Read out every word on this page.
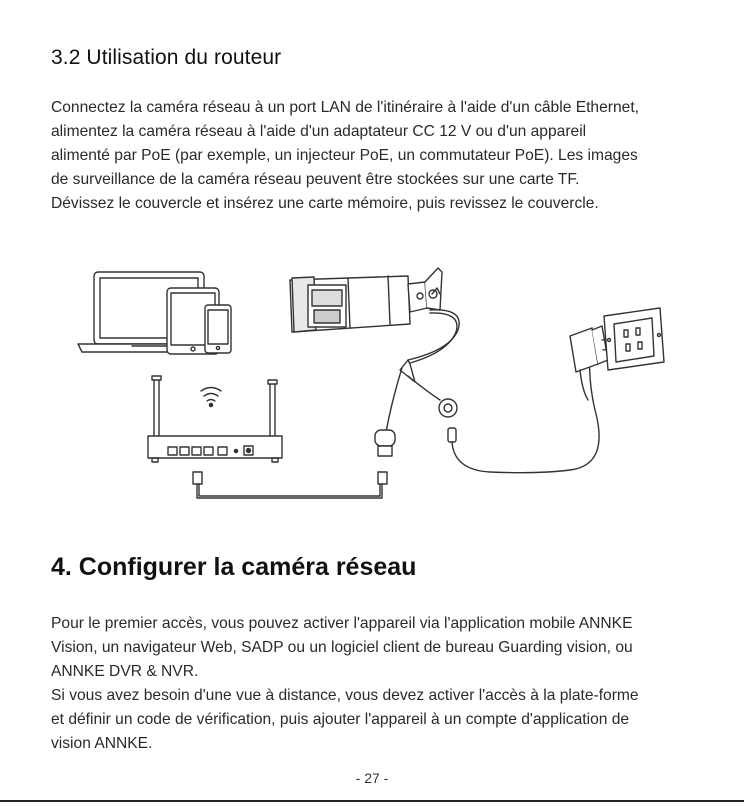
3.2 Utilisation du routeur
Connectez la caméra réseau à un port LAN de l'itinéraire à l'aide d'un câble Ethernet,
alimentez la caméra réseau à l'aide d'un adaptateur CC 12 V ou d'un appareil
alimenté par PoE (par exemple, un injecteur PoE, un commutateur PoE). Les images
de surveillance de la caméra réseau peuvent être stockées sur une carte TF.
Dévissez le couvercle et insérez une carte mémoire, puis revissez le couvercle.
4. Configurer la caméra réseau
Pour le premier accès, vous pouvez activer l'appareil via l'application mobile ANNKE
Vision, un navigateur Web, SADP ou un logiciel client de bureau Guarding vision, ou
ANNKE DVR & NVR.
Si vous avez besoin d'une vue à distance, vous devez activer l'accès à la plate-forme
et définir un code de vérification, puis ajouter l'appareil à un compte d'application de
vision ANNKE.
- 27 -
